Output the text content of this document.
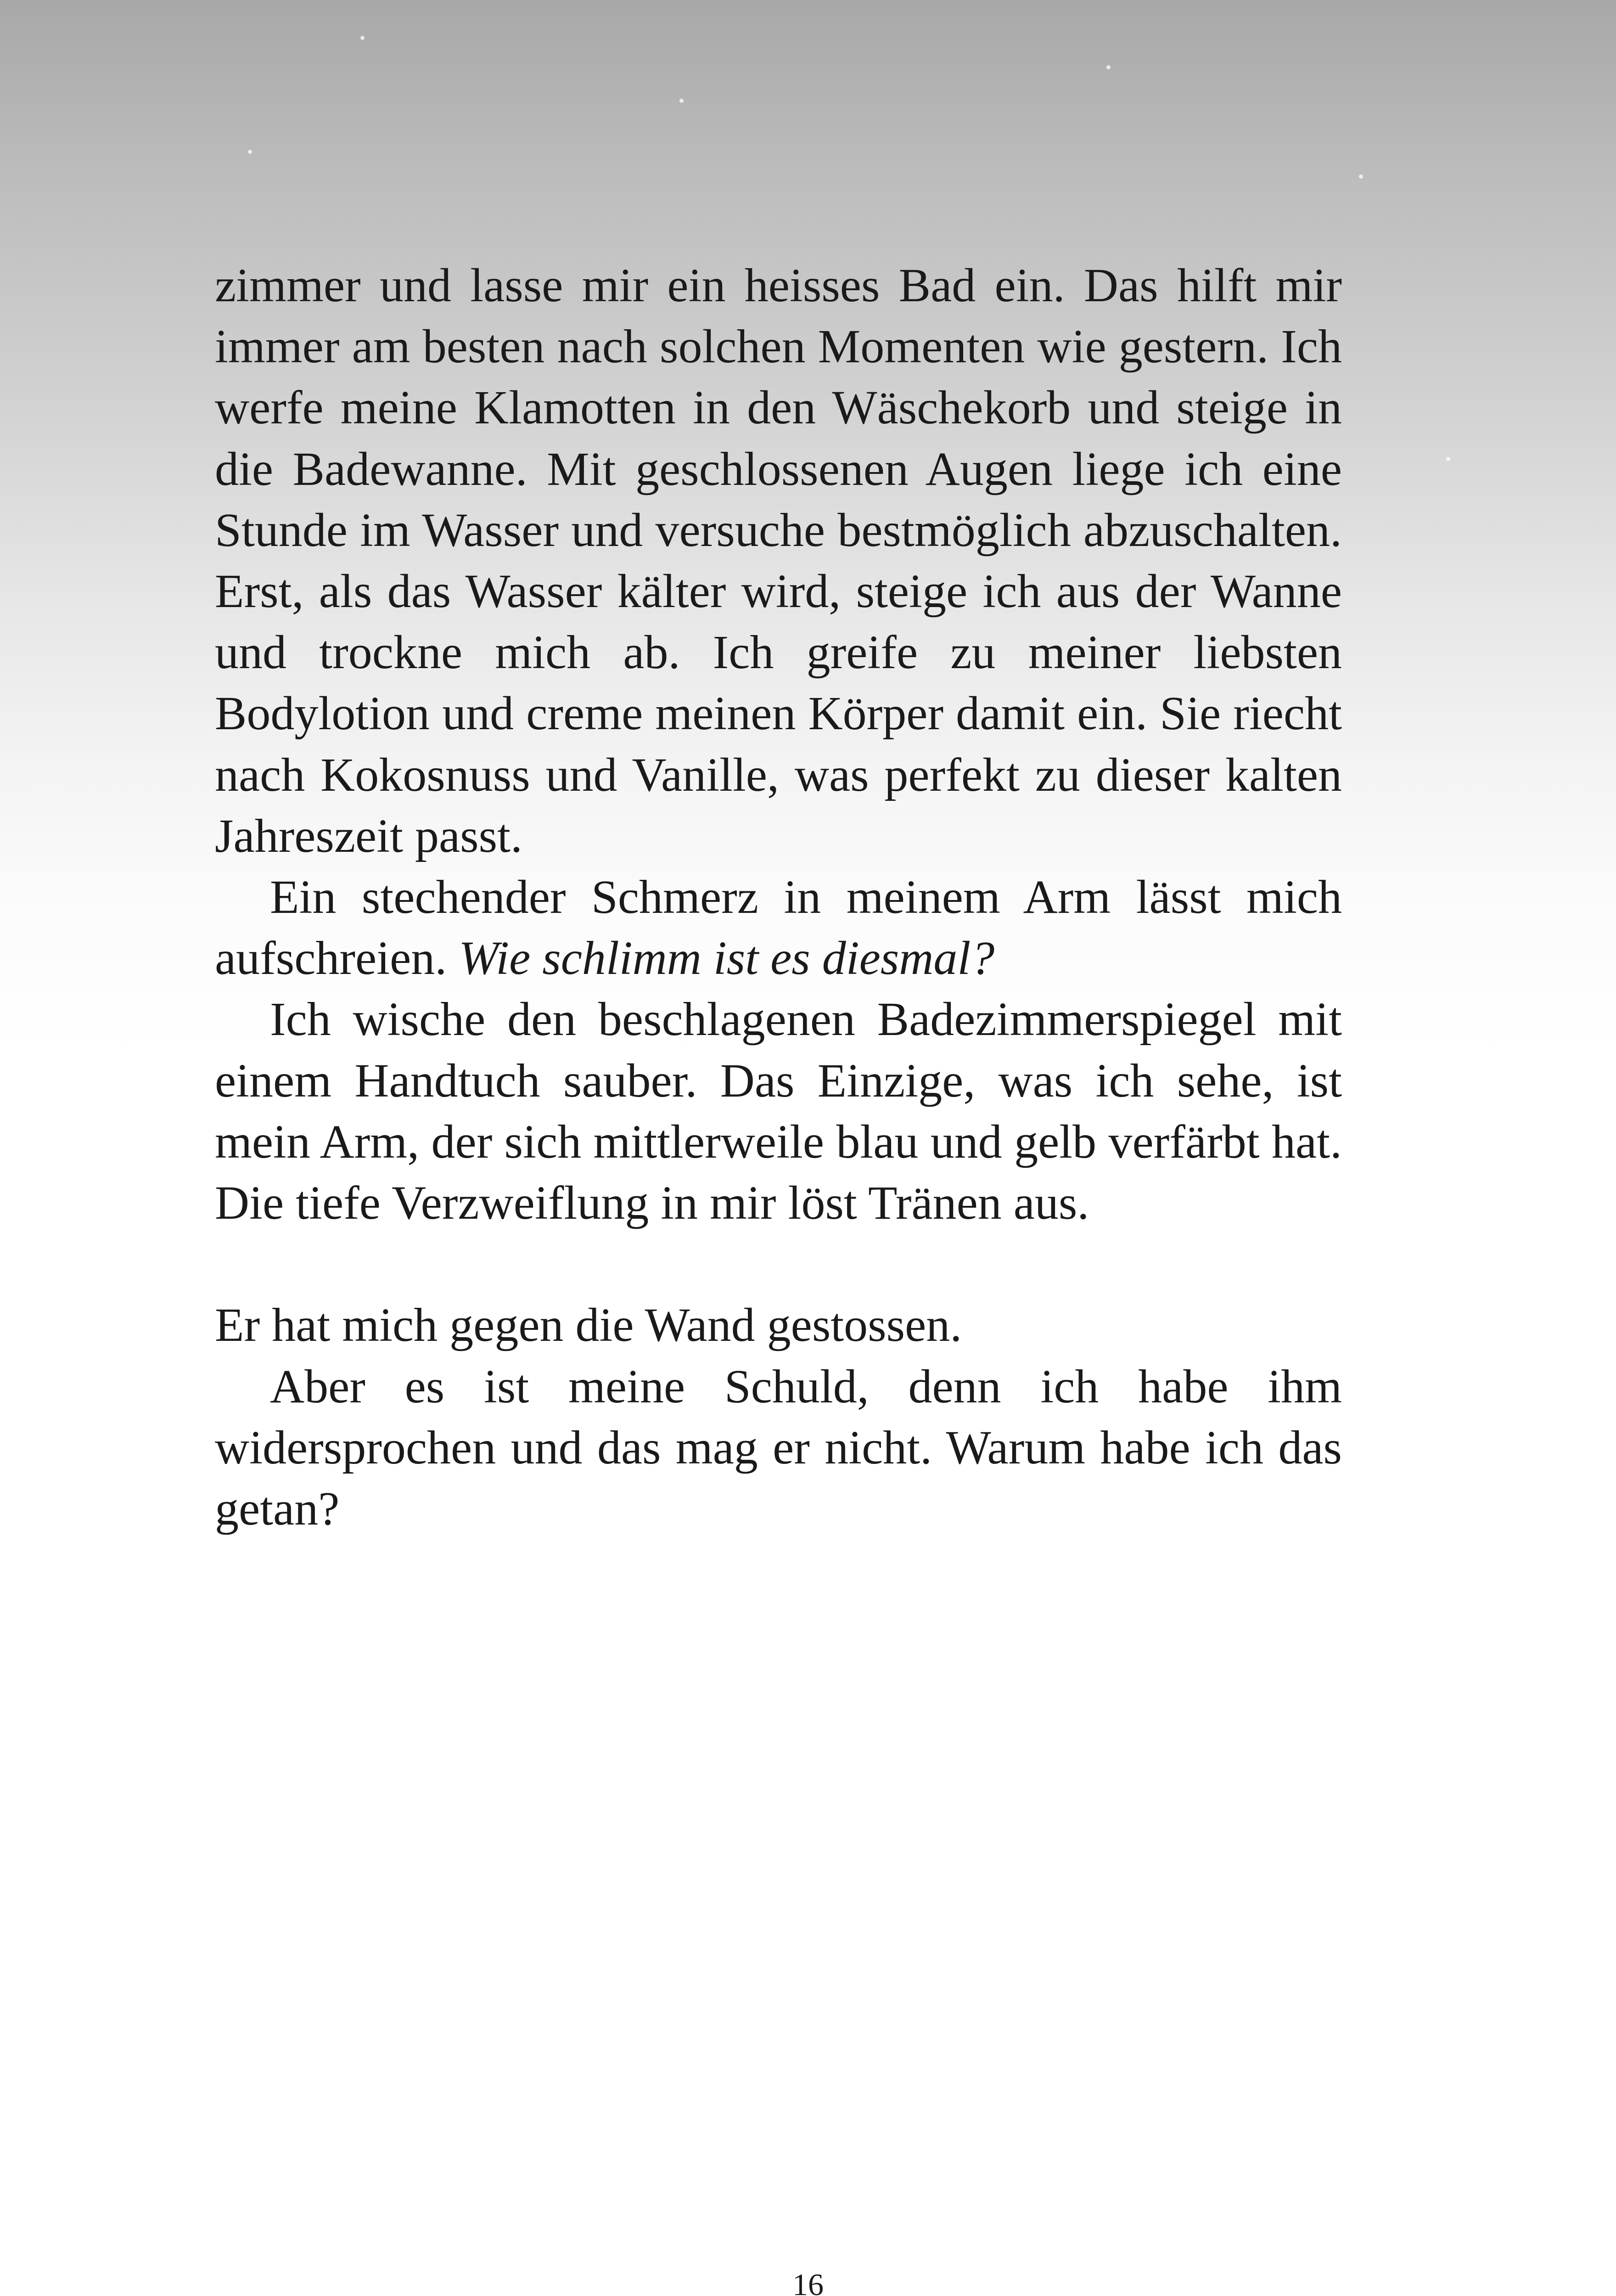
zimmer und lasse mir ein heisses Bad ein. Das hilft mir immer am besten nach solchen Momenten wie gestern. Ich werfe meine Klamotten in den Wäschekorb und steige in die Badewanne. Mit geschlossenen Augen liege ich eine Stunde im Wasser und versuche bestmöglich abzuschalten. Erst, als das Wasser kälter wird, steige ich aus der Wanne und trockne mich ab. Ich greife zu meiner liebsten Bodylotion und creme meinen Körper damit ein. Sie riecht nach Kokosnuss und Vanille, was perfekt zu dieser kalten Jahreszeit passt.

Ein stechender Schmerz in meinem Arm lässt mich aufschreien. Wie schlimm ist es diesmal?

Ich wische den beschlagenen Badezimmerspiegel mit einem Handtuch sauber. Das Einzige, was ich sehe, ist mein Arm, der sich mittlerweile blau und gelb verfärbt hat. Die tiefe Verzweiflung in mir löst Tränen aus.

Er hat mich gegen die Wand gestossen.

Aber es ist meine Schuld, denn ich habe ihm widersprochen und das mag er nicht. Warum habe ich das getan?

16
